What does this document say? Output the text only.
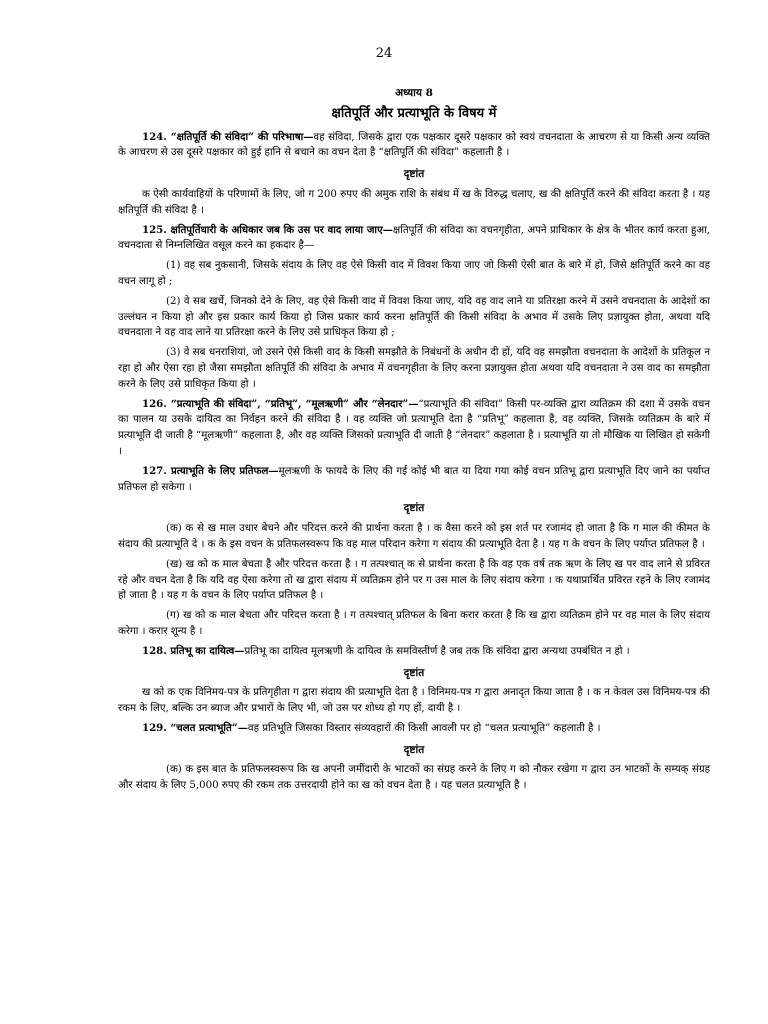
24
अध्याय 8
क्षतिपूर्ति और प्रत्याभूति के विषय में

124. “क्षतिपूर्ति की संविदा” की परिभाषा—वह संविदा, जिसके द्वारा एक पक्षकार दूसरे पक्षकार को स्वयं वचनदाता के आचरण से या किसी अन्य व्यक्ति के आचरण से उस दूसरे पक्षकार को हुई हानि से बचाने का वचन देता है “क्षतिपूर्ति की संविदा” कहलाती है ।

दृष्टांत

क ऐसी कार्यवाहियों के परिणामों के लिए, जो ग 200 रुपए की अमुक राशि के संबंध में ख के विरुद्ध चलाए, ख की क्षतिपूर्ति करने की संविदा करता है । यह क्षतिपूर्ति की संविदा है ।

125. क्षतिपूर्तिधारी के अधिकार जब कि उस पर वाद लाया जाए—क्षतिपूर्ति की संविदा का वचनगृहीता, अपने प्राधिकार के क्षेत्र के भीतर कार्य करता हुआ, वचनदाता से निम्नलिखित वसूल करने का हकदार है—

(1) वह सब नुकसानी, जिसके संदाय के लिए वह ऐसे किसी वाद में विवश किया जाए जो किसी ऐसी बात के बारे में हो, जिसे क्षतिपूर्ति करने का वह वचन लागू हो ;

(2) वे सब खर्चे, जिनको देने के लिए, वह ऐसे किसी वाद में विवश किया जाए, यदि वह वाद लाने या प्रतिरक्षा करने में उसने वचनदाता के आदेशों का उल्लंघन न किया हो और इस प्रकार कार्य किया हो जिस प्रकार कार्य करना क्षतिपूर्ति की किसी संविदा के अभाव में उसके लिए प्रज्ञायुक्त होता, अथवा यदि वचनदाता ने वह वाद लाने या प्रतिरक्षा करने के लिए उसे प्राधिकृत किया हो ;

(3) वे सब धनराशियां, जो उसने ऐसे किसी वाद के किसी समझौते के निबंधनों के अधीन दी हों, यदि वह समझौता वचनदाता के आदेशों के प्रतिकूल न रहा हो और ऐसा रहा हो जैसा समझौता क्षतिपूर्ति की संविदा के अभाव में वचनगृहीता के लिए करना प्रज्ञायुक्त होता अथवा यदि वचनदाता ने उस वाद का समझौता करने के लिए उसे प्राधिकृत किया हो ।

126. “प्रत्याभूति की संविदा”, “प्रतिभू”, “मूलऋणी” और “लेनदार”—“प्रत्याभूति की संविदा” किसी पर-व्यक्ति द्वारा व्यतिक्रम की दशा में उसके वचन का पालन या उसके दायित्व का निर्वहन करने की संविदा है । वह व्यक्ति जो प्रत्याभूति देता है “प्रतिभू” कहलाता है, वह व्यक्ति, जिसके व्यतिक्रम के बारे में प्रत्याभूति दी जाती है “मूलऋणी” कहलाता है, और वह व्यक्ति जिसको प्रत्याभूति दी जाती है “लेनदार” कहलाता है । प्रत्याभूति या तो मौखिक या लिखित हो सकेगी ।

127. प्रत्याभूति के लिए प्रतिफल—मूलऋणी के फायदे के लिए की गई कोई भी बात या दिया गया कोई वचन प्रतिभू द्वारा प्रत्याभूति दिए जाने का पर्याप्त प्रतिफल हो सकेगा ।

दृष्टांत

(क) क से ख माल उधार बेचने और परिदत्त करने की प्रार्थना करता है । क वैसा करने को इस शर्त पर रजामंद हो जाता है कि ग माल की कीमत के संदाय की प्रत्याभूति दे । क के इस वचन के प्रतिफलस्वरूप कि वह माल परिदान करेगा ग संदाय की प्रत्याभूति देता है । यह ग के वचन के लिए पर्याप्त प्रतिफल है ।

(ख) ख को क माल बेचता है और परिदत्त करता है । ग तत्पश्चात् क से प्रार्थना करता है कि वह एक वर्ष तक ऋण के लिए ख पर वाद लाने से प्रविरत रहे और वचन देता है कि यदि वह ऐसा करेगा तो ख द्वारा संदाय में व्यतिक्रम होने पर ग उस माल के लिए संदाय करेगा । क यथाप्रार्थित प्रविरत रहने के लिए रजामंद हो जाता है । यह ग के वचन के लिए पर्याप्त प्रतिफल है ।

(ग) ख को क माल बेचता और परिदत्त करता है । ग तत्पश्चात् प्रतिफल के बिना करार करता है कि ख द्वारा व्यतिक्रम होने पर वह माल के लिए संदाय करेगा । करार शून्य है ।

128. प्रतिभू का दायित्व—प्रतिभू का दायित्व मूलऋणी के दायित्व के समविस्तीर्ण है जब तक कि संविदा द्वारा अन्यथा उपबंधित न हो ।

दृष्टांत

ख को क एक विनिमय-पत्र के प्रतिगृहीता ग द्वारा संदाय की प्रत्याभूति देता है । विनिमय-पत्र ग द्वारा अनादृत किया जाता है । क न केवल उस विनिमय-पत्र की रकम के लिए, बल्कि उन ब्याज और प्रभारों के लिए भी, जो उस पर शोध्य हो गए हों, दायी है ।

129. “चलत प्रत्याभूति”—वह प्रतिभूति जिसका विस्तार संव्यवहारों की किसी आवली पर हो “चलत प्रत्याभूति” कहलाती है ।

दृष्टांत

(क) क इस बात के प्रतिफलस्वरूप कि ख अपनी जमींदारी के भाटकों का संग्रह करने के लिए ग को नौकर रखेगा ग द्वारा उन भाटकों के सम्यक् संग्रह और संदाय के लिए 5,000 रुपए की रकम तक उत्तरदायी होने का ख को वचन देता है । यह चलत प्रत्याभूति है ।
